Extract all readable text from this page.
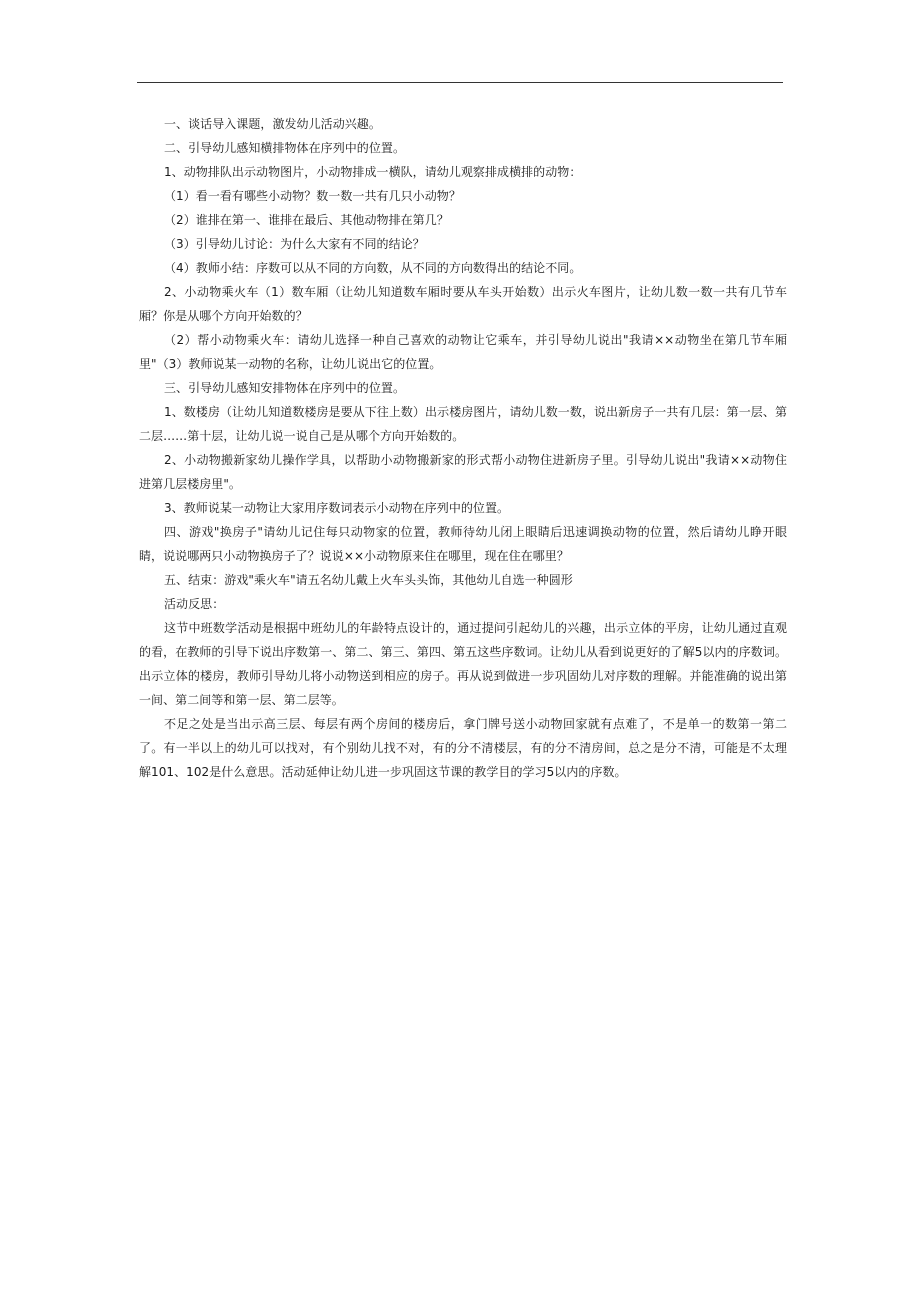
一、谈话导入课题，激发幼儿活动兴趣。

二、引导幼儿感知横排物体在序列中的位置。

1、动物排队出示动物图片，小动物排成一横队，请幼儿观察排成横排的动物：

（1）看一看有哪些小动物？数一数一共有几只小动物？

（2）谁排在第一、谁排在最后、其他动物排在第几？

（3）引导幼儿讨论：为什么大家有不同的结论？

（4）教师小结：序数可以从不同的方向数，从不同的方向数得出的结论不同。

2、小动物乘火车（1）数车厢（让幼儿知道数车厢时要从车头开始数）出示火车图片，让幼儿数一数一共有几节车厢？你是从哪个方向开始数的？

（2）帮小动物乘火车：请幼儿选择一种自己喜欢的动物让它乘车，并引导幼儿说出"我请××动物坐在第几节车厢里"（3）教师说某一动物的名称，让幼儿说出它的位置。

三、引导幼儿感知安排物体在序列中的位置。

1、数楼房（让幼儿知道数楼房是要从下往上数）出示楼房图片，请幼儿数一数，说出新房子一共有几层：第一层、第二层……第十层，让幼儿说一说自己是从哪个方向开始数的。

2、小动物搬新家幼儿操作学具，以帮助小动物搬新家的形式帮小动物住进新房子里。引导幼儿说出"我请××动物住进第几层楼房里"。

3、教师说某一动物让大家用序数词表示小动物在序列中的位置。

四、游戏"换房子"请幼儿记住每只动物家的位置，教师待幼儿闭上眼睛后迅速调换动物的位置，然后请幼儿睁开眼睛，说说哪两只小动物换房子了？说说××小动物原来住在哪里，现在住在哪里？

五、结束：游戏"乘火车"请五名幼儿戴上火车头头饰，其他幼儿自选一种圆形

活动反思：

这节中班数学活动是根据中班幼儿的年龄特点设计的，通过提问引起幼儿的兴趣，出示立体的平房，让幼儿通过直观的看，在教师的引导下说出序数第一、第二、第三、第四、第五这些序数词。让幼儿从看到说更好的了解5以内的序数词。出示立体的楼房，教师引导幼儿将小动物送到相应的房子。再从说到做进一步巩固幼儿对序数的理解。并能准确的说出第一间、第二间等和第一层、第二层等。

不足之处是当出示高三层、每层有两个房间的楼房后，拿门牌号送小动物回家就有点难了，不是单一的数第一第二了。有一半以上的幼儿可以找对，有个别幼儿找不对，有的分不清楼层，有的分不清房间，总之是分不清，可能是不太理解101、102是什么意思。活动延伸让幼儿进一步巩固这节课的教学目的学习5以内的序数。
